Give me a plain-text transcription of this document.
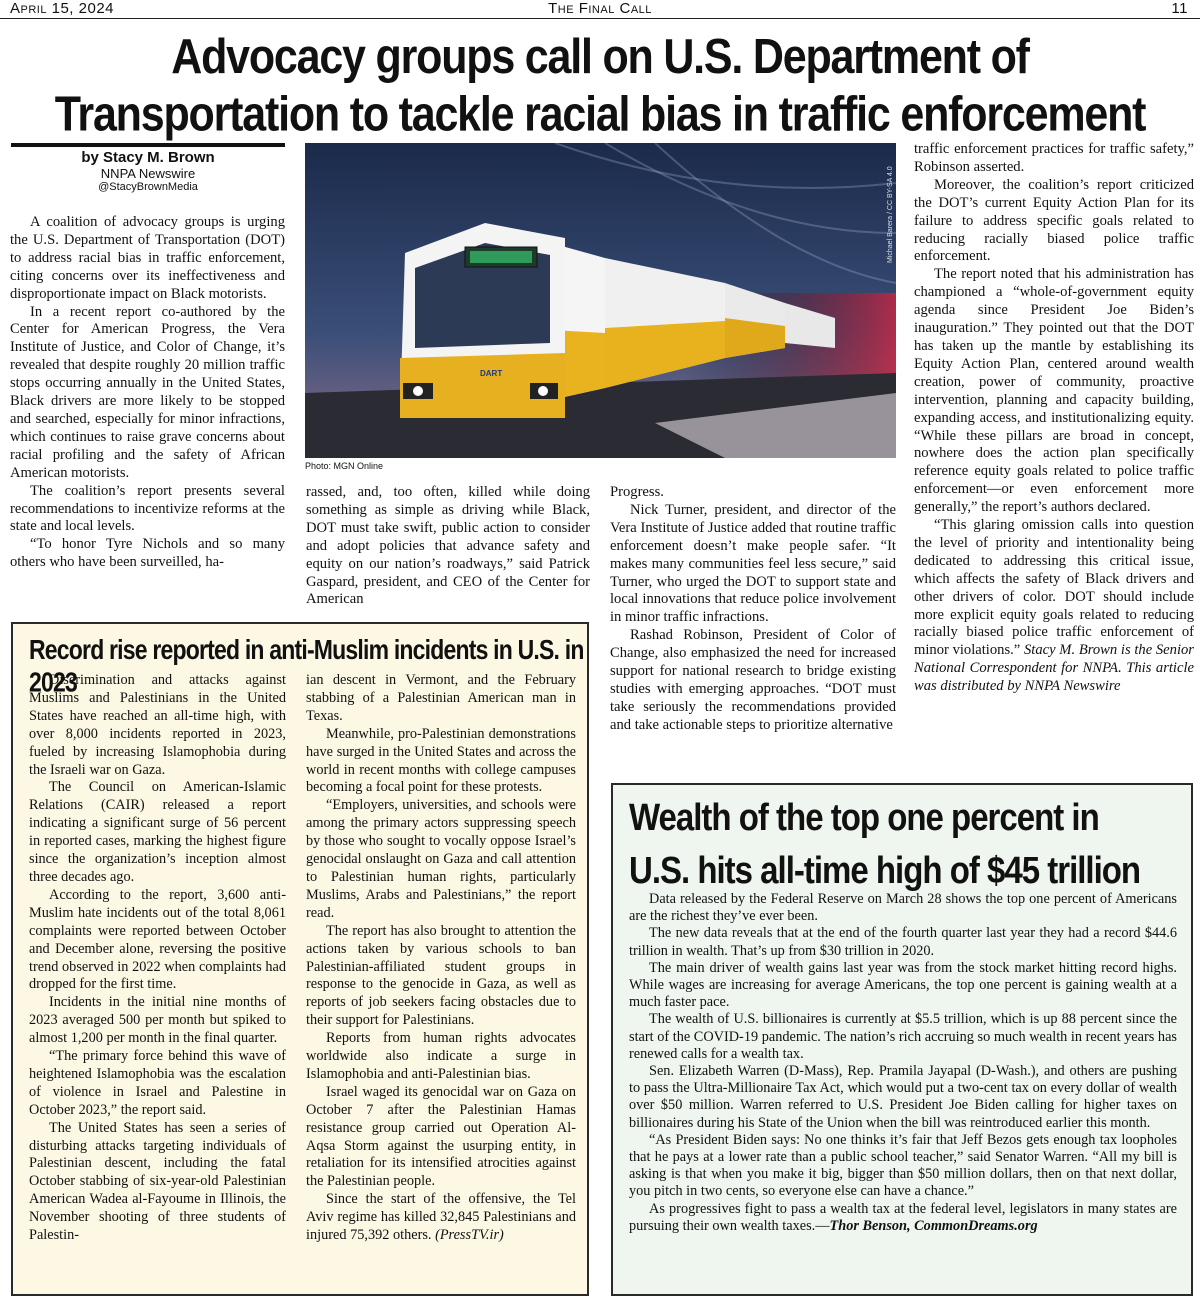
April 15, 2024	The Final Call	11
Advocacy groups call on U.S. Department of
Transportation to tackle racial bias in traffic enforcement
by Stacy M. Brown
NNPA Newswire
@StacyBrownMedia
DART
Michael Barera / CC BY-SA 4.0
Photo: MGN Online

A coalition of advocacy groups is urging the U.S. Department of Transportation (DOT) to address racial bias in traffic enforcement, citing concerns over its ineffectiveness and disproportionate impact on Black motorists.

In a recent report co-authored by the Center for American Progress, the Vera Institute of Justice, and Color of Change, it’s revealed that despite roughly 20 million traffic stops occurring annually in the United States, Black drivers are more likely to be stopped and searched, especially for minor infractions, which continues to raise grave concerns about racial profiling and the safety of African American motorists.

The coalition’s report presents several recommendations to incentivize reforms at the state and local levels.

“To honor Tyre Nichols and so many others who have been surveilled, ha-

rassed, and, too often, killed while doing something as simple as driving while Black, DOT must take swift, public action to consider and adopt policies that advance safety and equity on our nation’s roadways,” said Patrick Gaspard, president, and CEO of the Center for American

Progress.

Nick Turner, president, and director of the Vera Institute of Justice added that routine traffic enforcement doesn’t make people safer. “It makes many communities feel less secure,” said Turner, who urged the DOT to support state and local innovations that reduce police involvement in minor traffic infractions.

Rashad Robinson, President of Color of Change, also emphasized the need for increased support for national research to bridge existing studies with emerging approaches. “DOT must take seriously the recommendations provided and take actionable steps to prioritize alternative

traffic enforcement practices for traffic safety,” Robinson asserted.

Moreover, the coalition’s report criticized the DOT’s current Equity Action Plan for its failure to address specific goals related to reducing racially biased police traffic enforcement.

The report noted that his administration has championed a “whole-of-government equity agenda since President Joe Biden’s inauguration.” They pointed out that the DOT has taken up the mantle by establishing its Equity Action Plan, centered around wealth creation, power of community, proactive intervention, planning and capacity building, expanding access, and institutionalizing equity. “While these pillars are broad in concept, nowhere does the action plan specifically reference equity goals related to police traffic enforcement—or even enforcement more generally,” the report’s authors declared.

“This glaring omission calls into question the level of priority and intentionality being dedicated to addressing this critical issue, which affects the safety of Black drivers and other drivers of color. DOT should include more explicit equity goals related to reducing racially biased police traffic enforcement of minor violations.” Stacy M. Brown is the Senior National Correspondent for NNPA. This article was distributed by NNPA Newswire

Record rise reported in anti-Muslim incidents in U.S. in 2023

Discrimination and attacks against Muslims and Palestinians in the United States have reached an all-time high, with over 8,000 incidents reported in 2023, fueled by increasing Islamophobia during the Israeli war on Gaza.

The Council on American-Islamic Relations (CAIR) released a report indicating a significant surge of 56 percent in reported cases, marking the highest figure since the organization’s inception almost three decades ago.

According to the report, 3,600 anti-Muslim hate incidents out of the total 8,061 complaints were reported between October and December alone, reversing the positive trend observed in 2022 when complaints had dropped for the first time.

Incidents in the initial nine months of 2023 averaged 500 per month but spiked to almost 1,200 per month in the final quarter.

“The primary force behind this wave of heightened Islamophobia was the escalation of violence in Israel and Palestine in October 2023,” the report said.

The United States has seen a series of disturbing attacks targeting individuals of Palestinian descent, including the fatal October stabbing of six-year-old Palestinian American Wadea al-Fayoume in Illinois, the November shooting of three students of Palestin-

ian descent in Vermont, and the February stabbing of a Palestinian American man in Texas.

Meanwhile, pro-Palestinian demonstrations have surged in the United States and across the world in recent months with college campuses becoming a focal point for these protests.

“Employers, universities, and schools were among the primary actors suppressing speech by those who sought to vocally oppose Israel’s genocidal onslaught on Gaza and call attention to Palestinian human rights, particularly Muslims, Arabs and Palestinians,” the report read.

The report has also brought to attention the actions taken by various schools to ban Palestinian-affiliated student groups in response to the genocide in Gaza, as well as reports of job seekers facing obstacles due to their support for Palestinians.

Reports from human rights advocates worldwide also indicate a surge in Islamophobia and anti-Palestinian bias.

Israel waged its genocidal war on Gaza on October 7 after the Palestinian Hamas resistance group carried out Operation Al-Aqsa Storm against the usurping entity, in retaliation for its intensified atrocities against the Palestinian people.

Since the start of the offensive, the Tel Aviv regime has killed 32,845 Palestinians and injured 75,392 others. (PressTV.ir)

Wealth of the top one percent in
U.S. hits all-time high of $45 trillion

Data released by the Federal Reserve on March 28 shows the top one percent of Americans are the richest they’ve ever been.

The new data reveals that at the end of the fourth quarter last year they had a record $44.6 trillion in wealth. That’s up from $30 trillion in 2020.

The main driver of wealth gains last year was from the stock market hitting record highs. While wages are increasing for average Americans, the top one percent is gaining wealth at a much faster pace.

The wealth of U.S. billionaires is currently at $5.5 trillion, which is up 88 percent since the start of the COVID-19 pandemic. The nation’s rich accruing so much wealth in recent years has renewed calls for a wealth tax.

Sen. Elizabeth Warren (D-Mass), Rep. Pramila Jayapal (D-Wash.), and others are pushing to pass the Ultra-Millionaire Tax Act, which would put a two-cent tax on every dollar of wealth over $50 million. Warren referred to U.S. President Joe Biden calling for higher taxes on billionaires during his State of the Union when the bill was reintroduced earlier this month.

“As President Biden says: No one thinks it’s fair that Jeff Bezos gets enough tax loopholes that he pays at a lower rate than a public school teacher,” said Senator Warren. “All my bill is asking is that when you make it big, bigger than $50 million dollars, then on that next dollar, you pitch in two cents, so everyone else can have a chance.”

As progressives fight to pass a wealth tax at the federal level, legislators in many states are pursuing their own wealth taxes.—Thor Benson, CommonDreams.org
